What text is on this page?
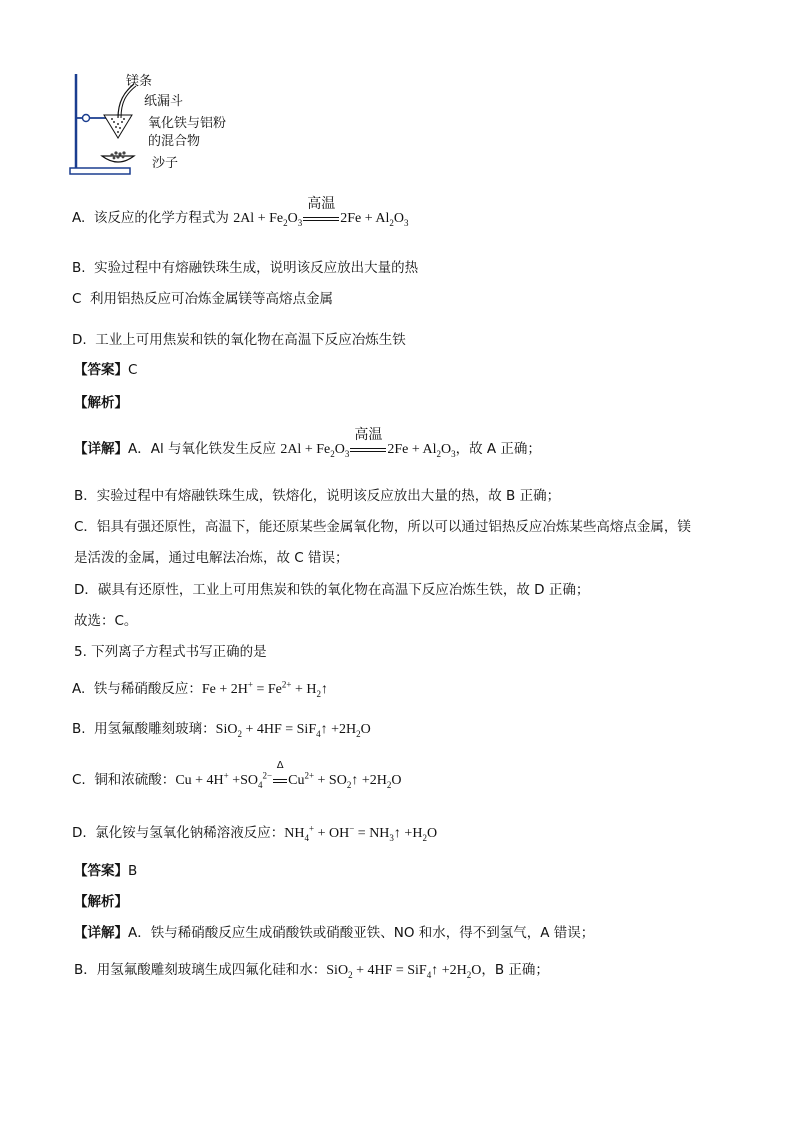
镁条
纸漏斗
氧化铁与铝粉
的混合物
沙子
A. 该反应的化学方程式为 $2Al + Fe_2O_3$
高温
$2Fe + Al_2O_3$
B. 实验过程中有熔融铁珠生成，说明该反应放出大量的热
C 利用铝热反应可冶炼金属镁等高熔点金属
D. 工业上可用焦炭和铁的氧化物在高温下反应冶炼生铁
【答案】C
【解析】
【详解】A．Al 与氧化铁发生反应 $2Al + Fe_2O_3$
高温
$2Fe + Al_2O_3$，故 A 正确；
B．实验过程中有熔融铁珠生成，铁熔化，说明该反应放出大量的热，故 B 正确；
C．铝具有强还原性，高温下，能还原某些金属氧化物，所以可以通过铝热反应冶炼某些高熔点金属，镁
是活泼的金属，通过电解法冶炼，故 C 错误；
D．碳具有还原性，工业上可用焦炭和铁的氧化物在高温下反应冶炼生铁，故 D 正确；
故选：C。
5. 下列离子方程式书写正确的是
A. 铁与稀硝酸反应：$Fe + 2H^+ = Fe^{2+}$ + $H_2↑$
B. 用氢氟酸雕刻玻璃：SiO$_2$ + 4HF = SiF$_4$↑ $+2H_2O$
C. 铜和浓硫酸：$Cu + 4H^+ +SO_4^{2-}$
Δ
$Cu^{2+}$ + $SO_2↑ +2H_2O$
D. 氯化铵与氢氧化钠稀溶液反应：$NH_4^+ + OH^-$ = $NH_3↑ +H_2O$
【答案】B
【解析】
【详解】A．铁与稀硝酸反应生成硝酸铁或硝酸亚铁、NO 和水，得不到氢气，A 错误；
B．用氢氟酸雕刻玻璃生成四氟化硅和水：SiO$_2$ + 4HF = SiF$_4$↑ $+2H_2O$，B 正确；
